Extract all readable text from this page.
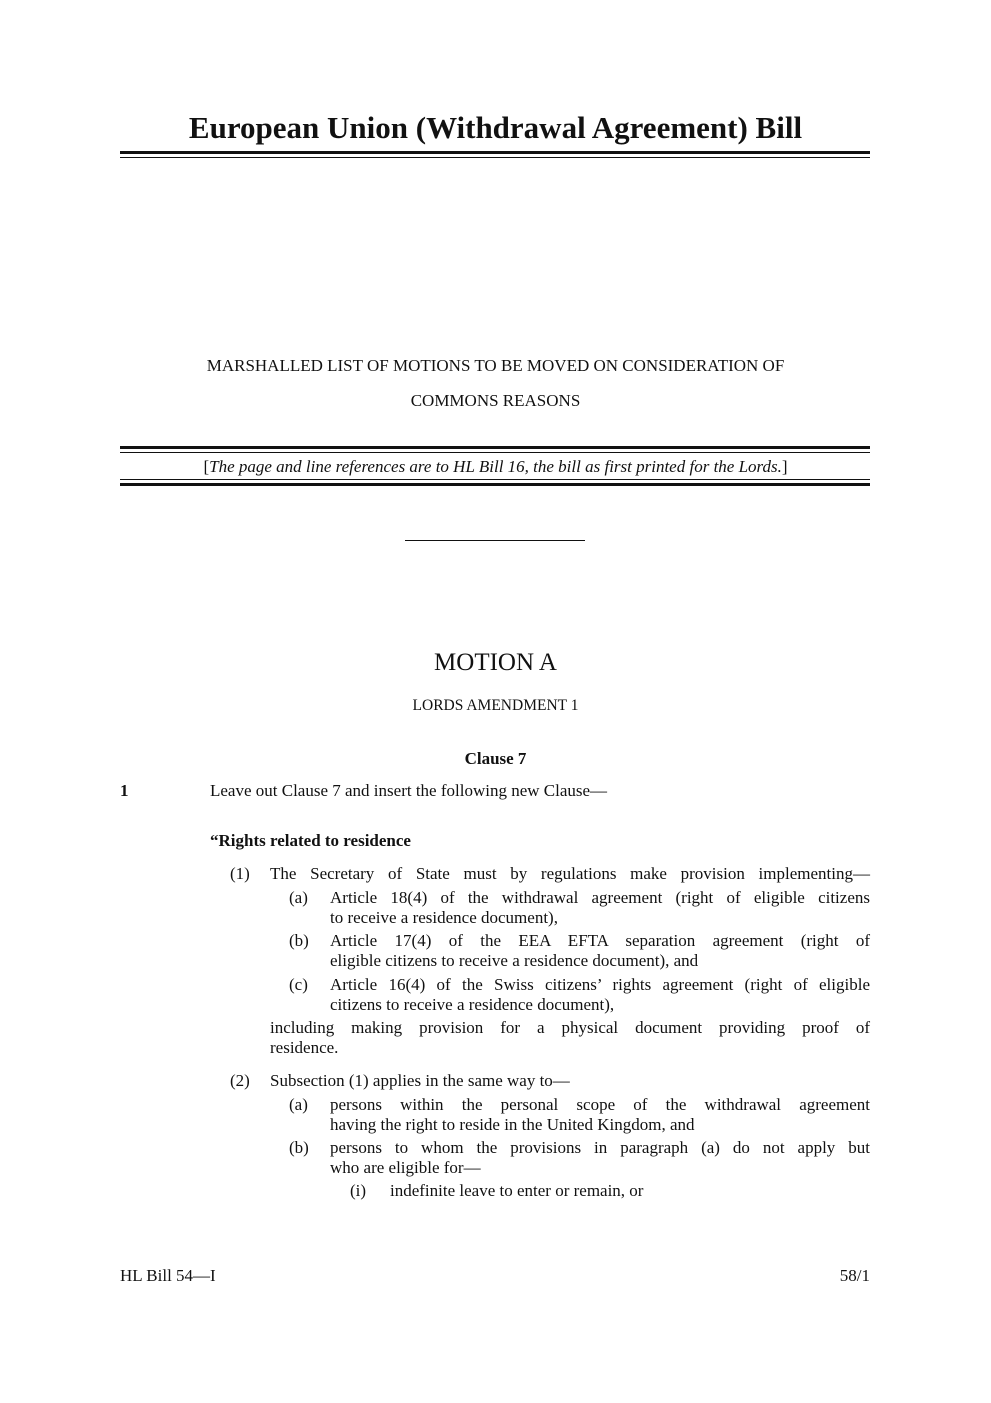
European Union (Withdrawal Agreement) Bill
MARSHALLED LIST OF MOTIONS TO BE MOVED ON CONSIDERATION OF
COMMONS REASONS
[The page and line references are to HL Bill 16, the bill as first printed for the Lords.]
MOTION A
LORDS AMENDMENT 1
Clause 7
1	Leave out Clause 7 and insert the following new Clause—
“Rights related to residence
(1) The Secretary of State must by regulations make provision implementing—
(a) Article 18(4) of the withdrawal agreement (right of eligible citizens
to receive a residence document),
(b) Article 17(4) of the EEA EFTA separation agreement (right of
eligible citizens to receive a residence document), and
(c) Article 16(4) of the Swiss citizens’ rights agreement (right of eligible
citizens to receive a residence document),
including making provision for a physical document providing proof of
residence.
(2) Subsection (1) applies in the same way to—
(a) persons within the personal scope of the withdrawal agreement
having the right to reside in the United Kingdom, and
(b) persons to whom the provisions in paragraph (a) do not apply but
who are eligible for—
(i) indefinite leave to enter or remain, or
HL Bill 54—I	58/1
